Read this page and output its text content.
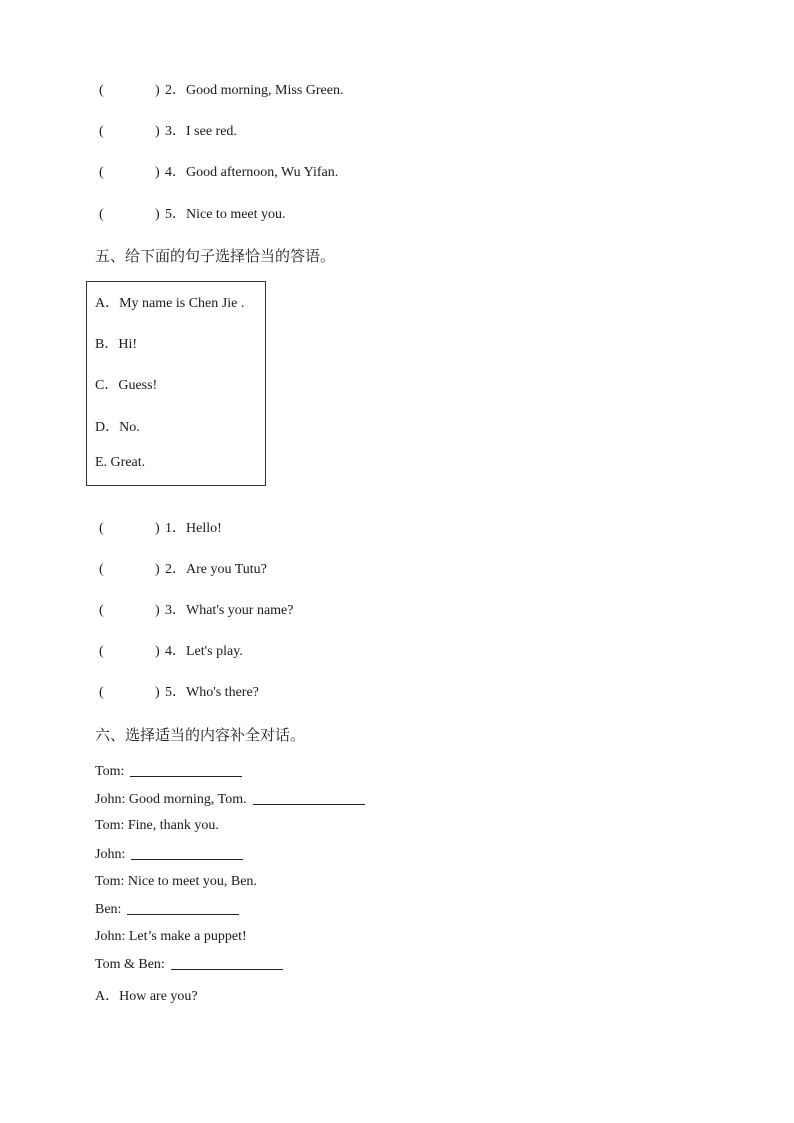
(	) 2．Good morning, Miss Green.
(	) 3．I see red.
(	) 4．Good afternoon, Wu Yifan.
(	) 5．Nice to meet you.
五、给下面的句子选择恰当的答语。
A．My name is Chen Jie .
B．Hi!
C．Guess!
D．No.
E. Great.
(	) 1．Hello!
(	) 2．Are you Tutu?
(	) 3．What's your name?
(	) 4．Let's play.
(	) 5．Who's there?
六、选择适当的内容补全对话。
Tom:
John: Good morning, Tom.
Tom: Fine, thank you.
John:
Tom: Nice to meet you, Ben.
Ben:
John: Let’s make a puppet!
Tom & Ben:
A．How are you?
